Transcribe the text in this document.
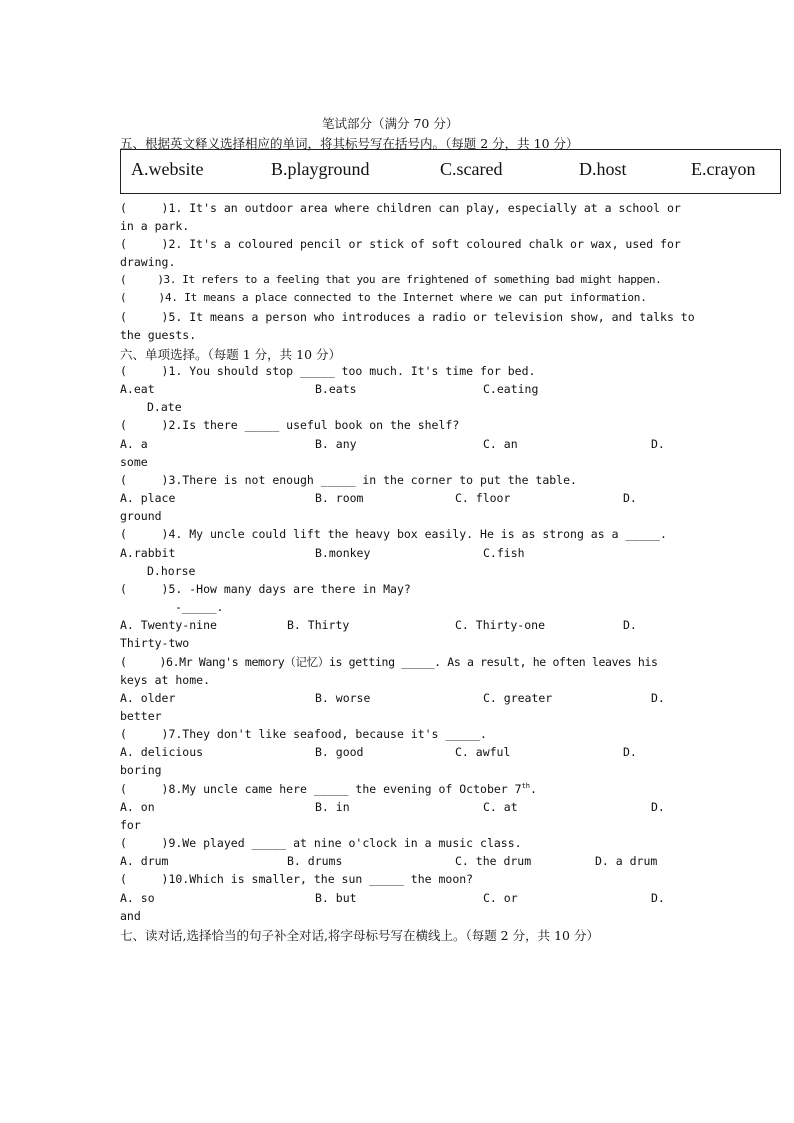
笔试部分（满分 70 分）
五、根据英文释义选择相应的单词，将其标号写在括号内。（每题 2 分，共 10 分）
A.website	B.playground	C.scared	D.host	E.crayon
(     )1. It's an outdoor area where children can play, especially at a school or
in a park.
(     )2. It's a coloured pencil or stick of soft coloured chalk or wax, used for
drawing.
(     )3. It refers to a feeling that you are frightened of something bad might happen.
(     )4. It means a place connected to the Internet where we can put information.
(     )5. It means a person who introduces a radio or television show, and talks to
the guests.
六、单项选择。（每题 1 分，共 10 分）
(     )1. You should stop _____ too much. It's time for bed.
A.eat	B.eats	C.eating
D.ate
(     )2.Is there _____ useful book on the shelf?
A. a	B. any	C. an	D.
some
(     )3.There is not enough _____ in the corner to put the table.
A. place	B. room	C. floor	D.
ground
(     )4. My uncle could lift the heavy box easily. He is as strong as a _____.
A.rabbit	B.monkey	C.fish
D.horse
(     )5. -How many days are there in May?
-_____.
A. Twenty-nine	B. Thirty	C. Thirty-one	D.
Thirty-two
(     )6.Mr Wang's memory（记忆）is getting _____. As a result, he often leaves his
keys at home.
A. older	B. worse	C. greater	D.
better
(     )7.They don't like seafood, because it's _____.
A. delicious	B. good	C. awful	D.
boring
(     )8.My uncle came here _____ the evening of October 7th.
A. on	B. in	C. at	D.
for
(     )9.We played _____ at nine o'clock in a music class.
A. drum	B. drums	C. the drum	D. a drum
(     )10.Which is smaller, the sun _____ the moon?
A. so	B. but	C. or	D.
and
七、读对话,选择恰当的句子补全对话,将字母标号写在横线上。（每题 2 分，共 10 分）
